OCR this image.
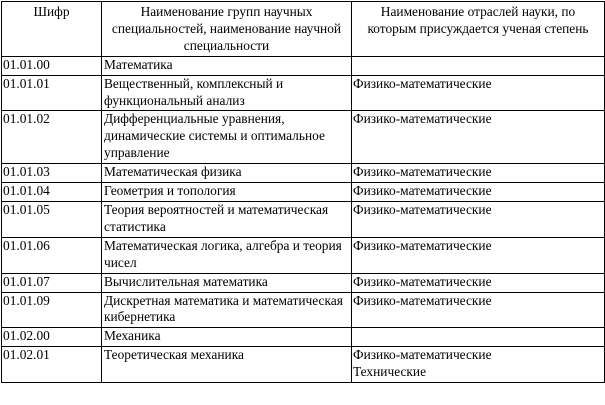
Шифр	Наименование групп научных специальностей, наименование научной специальности	Наименование отраслей науки, по которым присуждается ученая степень
01.01.00	Математика	
01.01.01	Вещественный, комплексный и функциональный анализ	Физико-математические

01.01.02	Дифференциальные уравнения, динамические системы и оптимальное управление	Физико-математические

01.01.03	Математическая физика	Физико-математические

01.01.04	Геометрия и топология	Физико-математические

01.01.05	Теория вероятностей и математическая статистика	Физико-математические

01.01.06	Математическая логика, алгебра и теория чисел	Физико-математические

01.01.07	Вычислительная математика	Физико-математические

01.01.09	Дискретная математика и математическая кибернетика	Физико-математические

01.02.00	Механика	
01.02.01	Теоретическая механика	Физико-математические
Технические
